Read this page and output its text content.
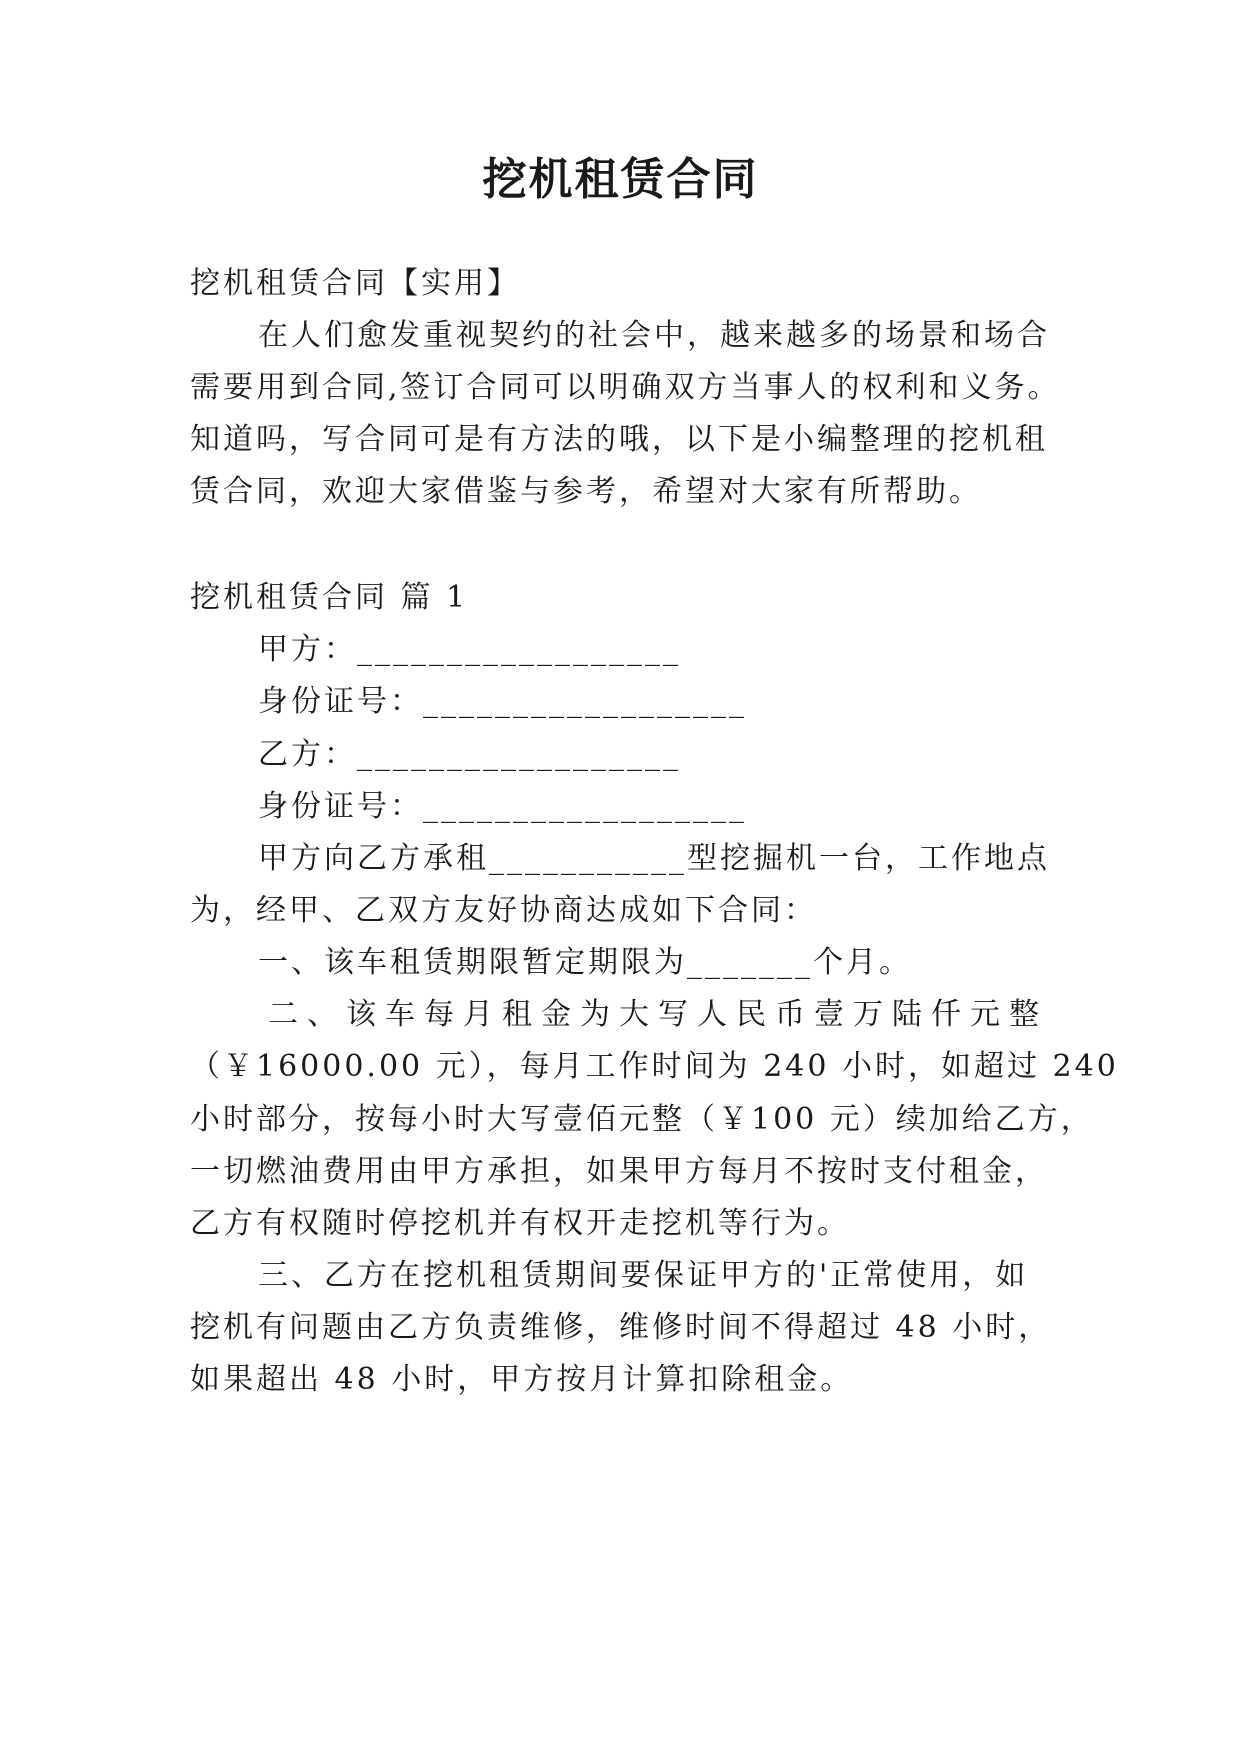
挖机租赁合同
挖机租赁合同【实用】
在人们愈发重视契约的社会中，越来越多的场景和场合
需要用到合同,签订合同可以明确双方当事人的权利和义务。
知道吗，写合同可是有方法的哦，以下是小编整理的挖机租
赁合同，欢迎大家借鉴与参考，希望对大家有所帮助。
挖机租赁合同 篇 1
甲方：__________________
身份证号：__________________
乙方：__________________
身份证号：__________________
甲方向乙方承租___________型挖掘机一台，工作地点
为，经甲、乙双方友好协商达成如下合同：
一、该车租赁期限暂定期限为_______个月。
二、该车每月租金为大写人民币壹万陆仟元整
（￥16000.00 元），每月工作时间为 240 小时，如超过 240
小时部分，按每小时大写壹佰元整（￥100 元）续加给乙方，
一切燃油费用由甲方承担，如果甲方每月不按时支付租金，
乙方有权随时停挖机并有权开走挖机等行为。
三、乙方在挖机租赁期间要保证甲方的'正常使用，如
挖机有问题由乙方负责维修，维修时间不得超过 48 小时，
如果超出 48 小时，甲方按月计算扣除租金。
